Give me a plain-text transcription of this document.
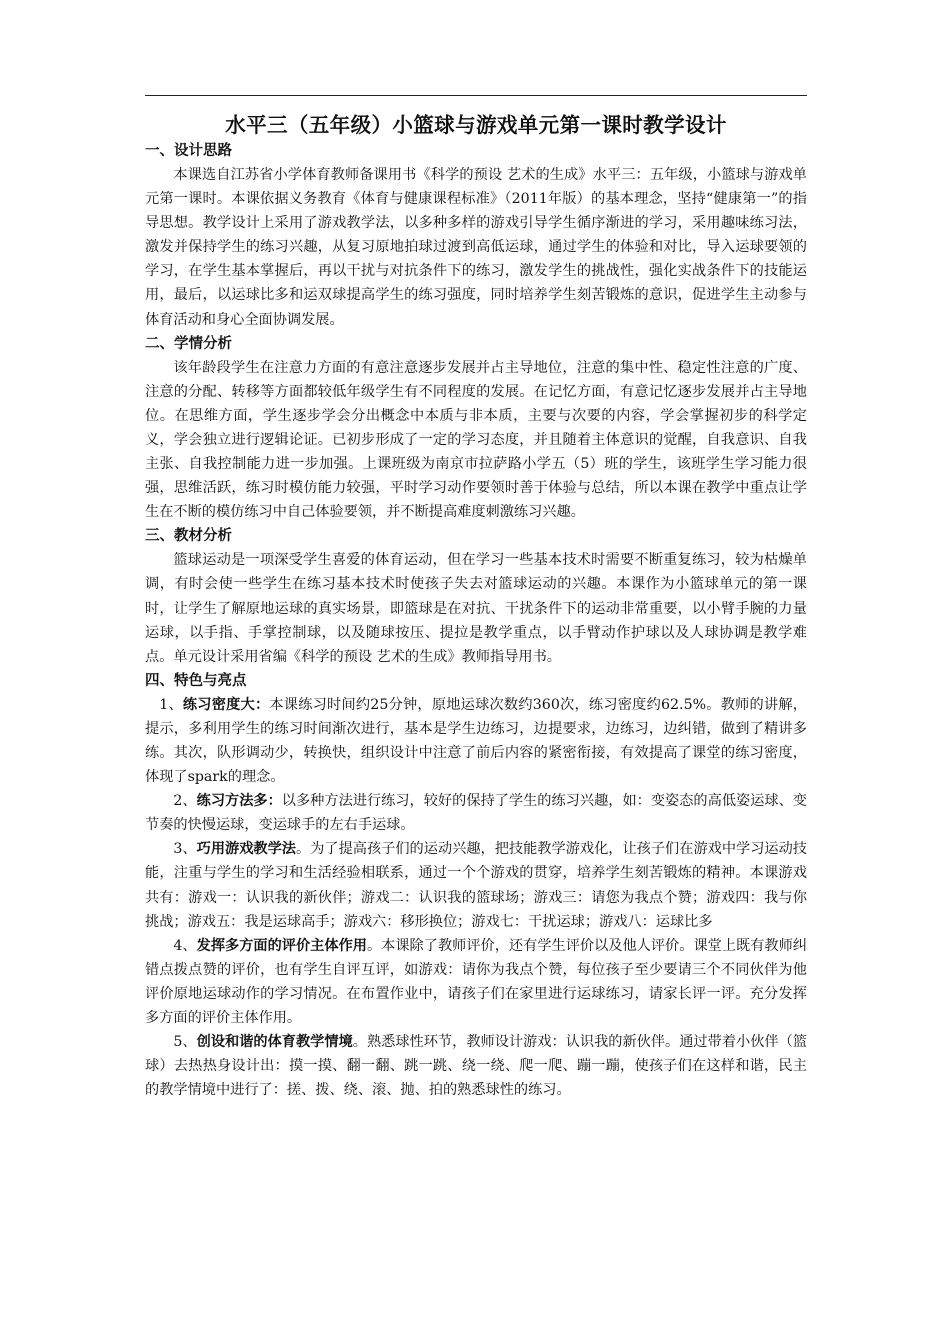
水平三（五年级）小篮球与游戏单元第一课时教学设计
一、设计思路

本课选自江苏省小学体育教师备课用书《科学的预设 艺术的生成》水平三：五年级，小篮球与游戏单元第一课时。本课依据义务教育《体育与健康课程标准》（2011年版）的基本理念，坚持“健康第一”的指导思想。教学设计上采用了游戏教学法，以多种多样的游戏引导学生循序渐进的学习，采用趣味练习法，激发并保持学生的练习兴趣，从复习原地拍球过渡到高低运球，通过学生的体验和对比，导入运球要领的学习，在学生基本掌握后，再以干扰与对抗条件下的练习，激发学生的挑战性，强化实战条件下的技能运用，最后，以运球比多和运双球提高学生的练习强度，同时培养学生刻苦锻炼的意识，促进学生主动参与体育活动和身心全面协调发展。

二、学情分析

该年龄段学生在注意力方面的有意注意逐步发展并占主导地位，注意的集中性、稳定性注意的广度、注意的分配、转移等方面都较低年级学生有不同程度的发展。在记忆方面，有意记忆逐步发展并占主导地位。在思维方面，学生逐步学会分出概念中本质与非本质，主要与次要的内容，学会掌握初步的科学定义，学会独立进行逻辑论证。已初步形成了一定的学习态度，并且随着主体意识的觉醒，自我意识、自我主张、自我控制能力进一步加强。上课班级为南京市拉萨路小学五（5）班的学生，该班学生学习能力很强，思维活跃，练习时模仿能力较强，平时学习动作要领时善于体验与总结，所以本课在教学中重点让学生在不断的模仿练习中自己体验要领，并不断提高难度刺激练习兴趣。

三、教材分析

篮球运动是一项深受学生喜爱的体育运动，但在学习一些基本技术时需要不断重复练习，较为枯燥单调，有时会使一些学生在练习基本技术时使孩子失去对篮球运动的兴趣。本课作为小篮球单元的第一课时，让学生了解原地运球的真实场景，即篮球是在对抗、干扰条件下的运动非常重要，以小臂手腕的力量运球，以手指、手掌控制球，以及随球按压、提拉是教学重点，以手臂动作护球以及人球协调是教学难点。单元设计采用省编《科学的预设 艺术的生成》教师指导用书。

四、特色与亮点

1、练习密度大：本课练习时间约25分钟，原地运球次数约360次，练习密度约62.5%。教师的讲解，提示，多利用学生的练习时间渐次进行，基本是学生边练习，边提要求，边练习，边纠错，做到了精讲多练。其次，队形调动少，转换快，组织设计中注意了前后内容的紧密衔接，有效提高了课堂的练习密度，体现了spark的理念。

2、练习方法多：以多种方法进行练习，较好的保持了学生的练习兴趣，如：变姿态的高低姿运球、变节奏的快慢运球，变运球手的左右手运球。

3、巧用游戏教学法。为了提高孩子们的运动兴趣，把技能教学游戏化，让孩子们在游戏中学习运动技能，注重与学生的学习和生活经验相联系，通过一个个游戏的贯穿，培养学生刻苦锻炼的精神。本课游戏共有：游戏一：认识我的新伙伴；游戏二：认识我的篮球场；游戏三：请您为我点个赞；游戏四：我与你挑战；游戏五：我是运球高手；游戏六：移形换位；游戏七：干扰运球；游戏八：运球比多

4、发挥多方面的评价主体作用。本课除了教师评价，还有学生评价以及他人评价。课堂上既有教师纠错点拨点赞的评价，也有学生自评互评，如游戏：请你为我点个赞，每位孩子至少要请三个不同伙伴为他评价原地运球动作的学习情况。在布置作业中，请孩子们在家里进行运球练习，请家长评一评。充分发挥多方面的评价主体作用。

5、创设和谐的体育教学情境。熟悉球性环节，教师设计游戏：认识我的新伙伴。通过带着小伙伴（篮球）去热热身设计出：摸一摸、翻一翻、跳一跳、绕一绕、爬一爬、蹦一蹦，使孩子们在这样和谐，民主的教学情境中进行了：搓、拨、绕、滚、抛、拍的熟悉球性的练习。
